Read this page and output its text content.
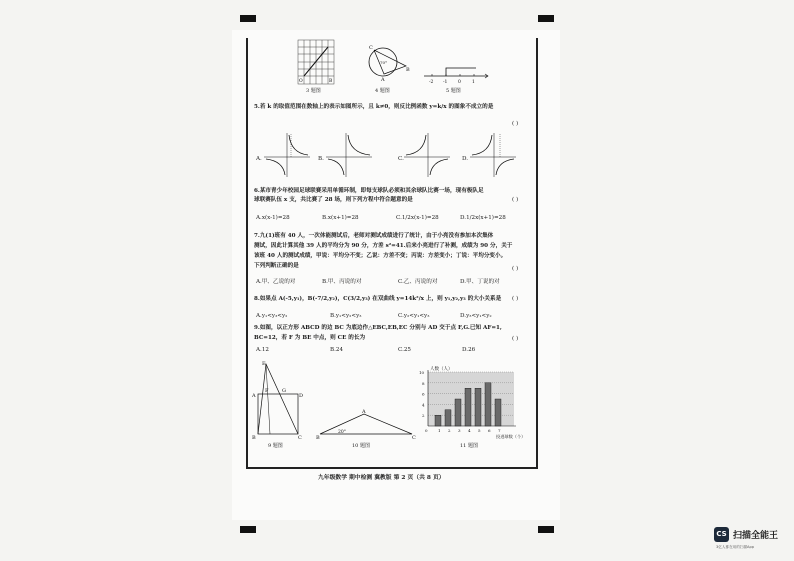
O	B
3 题图
C
A
B
70°
4 题图
-2 -1 0 1
5 题图
5.若 k 的取值范围在数轴上的表示如图所示，且 k≠0，则反比例函数 y=k/x 的图象不成立的是
( )
A.	B.	C.	D.
6.某市青少年校园足球联赛采用单循环制，即每支球队必须和其余球队比赛一场，现有极队足
球联赛队伍 x 支，共比赛了 28 场，则下列方程中符合题意的是	( )
A.x(x-1)=28	B.x(x+1)=28	C.1/2x(x-1)=28	D.1/2x(x+1)=28
7.九(1)班有 40 人，一次体能测试后，老师对测试成绩进行了统计，由于小亮没有参加本次集体
测试，因此计算其他 39 人的平均分为 90 分，方差 s²=41.后来小亮进行了补测，成绩为 90 分，关于
该班 40 人的测试成绩，甲说：平均分不变；乙说：方差不变；丙说：方差变小；丁说：平均分变小。
下列判断正确的是	( )
A.甲、乙说的对	B.甲、丙说的对	C.乙、丙说的对	D.甲、丁说的对
8.如果点 A(-5,y₁)，B(-7/2,y₂)，C(3/2,y₃) 在双曲线 y=14k²/x 上，则 y₁,y₂,y₃ 的大小关系是 ( )
A.y₁<y₃<y₂	B.y₁<y₂<y₃	C.y₂<y₁<y₃	D.y₃<y₁<y₂
9.如图，以正方形 ABCD 的边 BC 为底边作△EBC,EB,EC 分别与 AD 交于点 F,G.已知 AF=1,
BC=12，若 F 为 BE 中点，则 CE 的长为	( )
A.12	B.24	C.25	D.26
E
F	G
A	D
B	C
9 题图
A
B	C
20°
10 题图
10
8
6
4
2
0	1 2 3 4 5 6 7
人数（人）
投进球数（个）
11 题图
九年级数学 期中检测 冀教版 第 2 页（共 8 页）
CS 扫描全能王
3亿人都在用的扫描App
